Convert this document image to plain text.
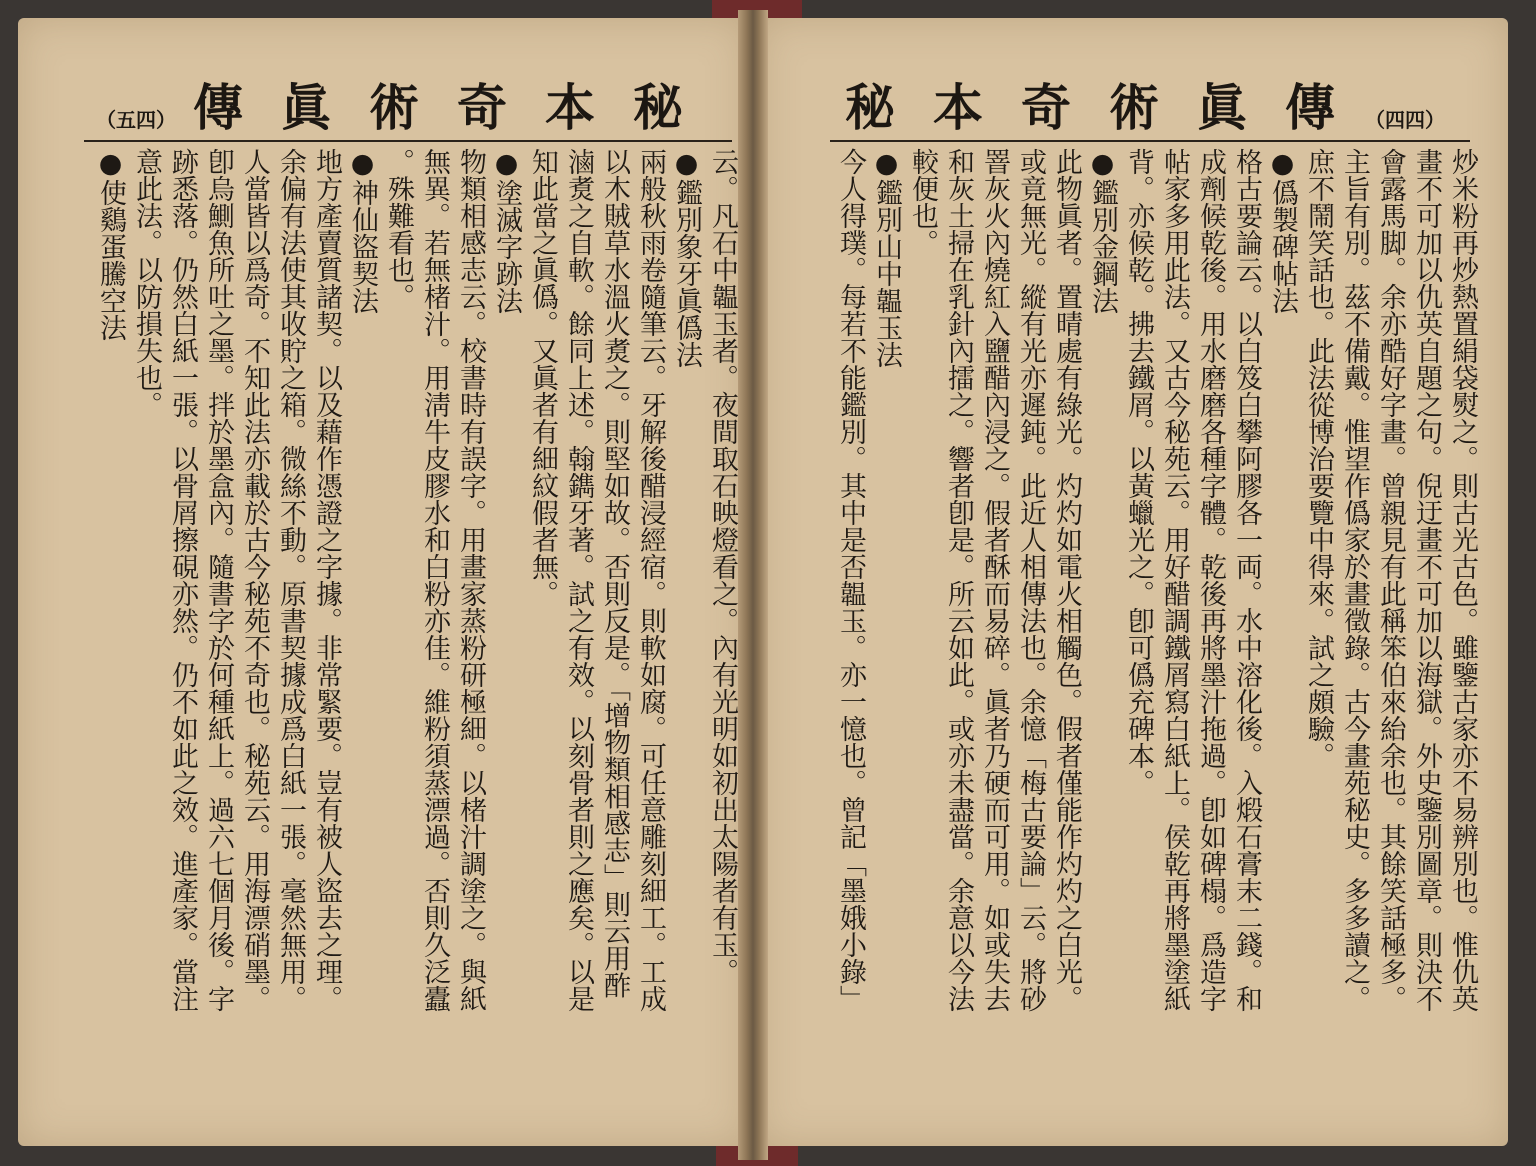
（五四） 傳 眞 術 奇 本 秘
云。凡石中韞玉者。夜間取石映燈看之。內有光明如初出太陽者有玉。
●鑑別象牙眞僞法
兩般秋雨卷隨筆云。牙解後醋浸經宿。則軟如腐。可任意雕刻細工。工成
以木賊草水溫火煑之。則堅如故。否則反是。「增物類相感志」則云用酢
滷煑之自軟。餘同上述。翰鐫牙著。試之有效。以刻骨者則之應矣。以是
知此當之眞僞。又眞者有細紋假者無。
●塗滅字跡法
物類相感志云。校書時有誤字。用畫家蒸粉研極細。以楮汁調塗之。與紙
無異。若無楮汁。用淸牛皮膠水和白粉亦佳。維粉須蒸漂過。否則久泛蠹
。殊難看也。
●神仙盜契法
地方產賣質諸契。以及藉作憑證之字據。非常緊要。豈有被人盜去之理。
余偏有法使其收貯之箱。微絲不動。原書契據成爲白紙一張。毫然無用。
人當皆以爲奇。不知此法亦載於古今秘苑不奇也。秘苑云。用海漂硝墨。
卽烏鰂魚所吐之墨。拌於墨盒內。隨書字於何種紙上。過六七個月後。字
跡悉落。仍然白紙一張。以骨屑擦硯亦然。仍不如此之效。進產家。當注
意此法。以防損失也。
●使鷄蛋騰空法
秘 本 奇 術 眞 傳 （四四）
炒米粉再炒熱置絹袋熨之。則古光古色。雖鑒古家亦不易辨別也。惟仇英
畫不可加以仇英自題之句。倪迂畫不可加以海獄。外史鑒別圖章。則決不
會露馬脚。余亦酷好字畫。曾親見有此稱笨伯來紿余也。其餘笑話極多。
主旨有別。茲不備戴。惟望作僞家於畫徵錄。古今畫苑秘史。多多讀之。
庶不鬧笑話也。此法從博治要覽中得來。試之頗驗。
●僞製碑帖法
格古要論云。以白笈白攀阿膠各一両。水中溶化後。入煅石膏末二錢。和
成劑候乾後。用水磨磨各種字體。乾後再將墨汁拖過。卽如碑榻。爲造字
帖家多用此法。又古今秘苑云。用好醋調鐵屑寫白紙上。侯乾再將墨塗紙
背。亦候乾。拂去鐵屑。以黃蠟光之。卽可僞充碑本。
●鑑別金鋼法
此物眞者。置晴處有綠光。灼灼如電火相觸色。假者僅能作灼灼之白光。
或竟無光。縱有光亦遲鈍。此近人相傳法也。余憶「梅古要論」云。將砂
罯灰火內燒紅入鹽醋內浸之。假者酥而易碎。眞者乃硬而可用。如或失去
和灰土掃在乳針內擂之。響者卽是。所云如此。或亦未盡當。余意以今法
較便也。
●鑑別山中韞玉法
今人得璞。每若不能鑑別。其中是否韞玉。亦一憶也。曾記「墨娥小錄」
